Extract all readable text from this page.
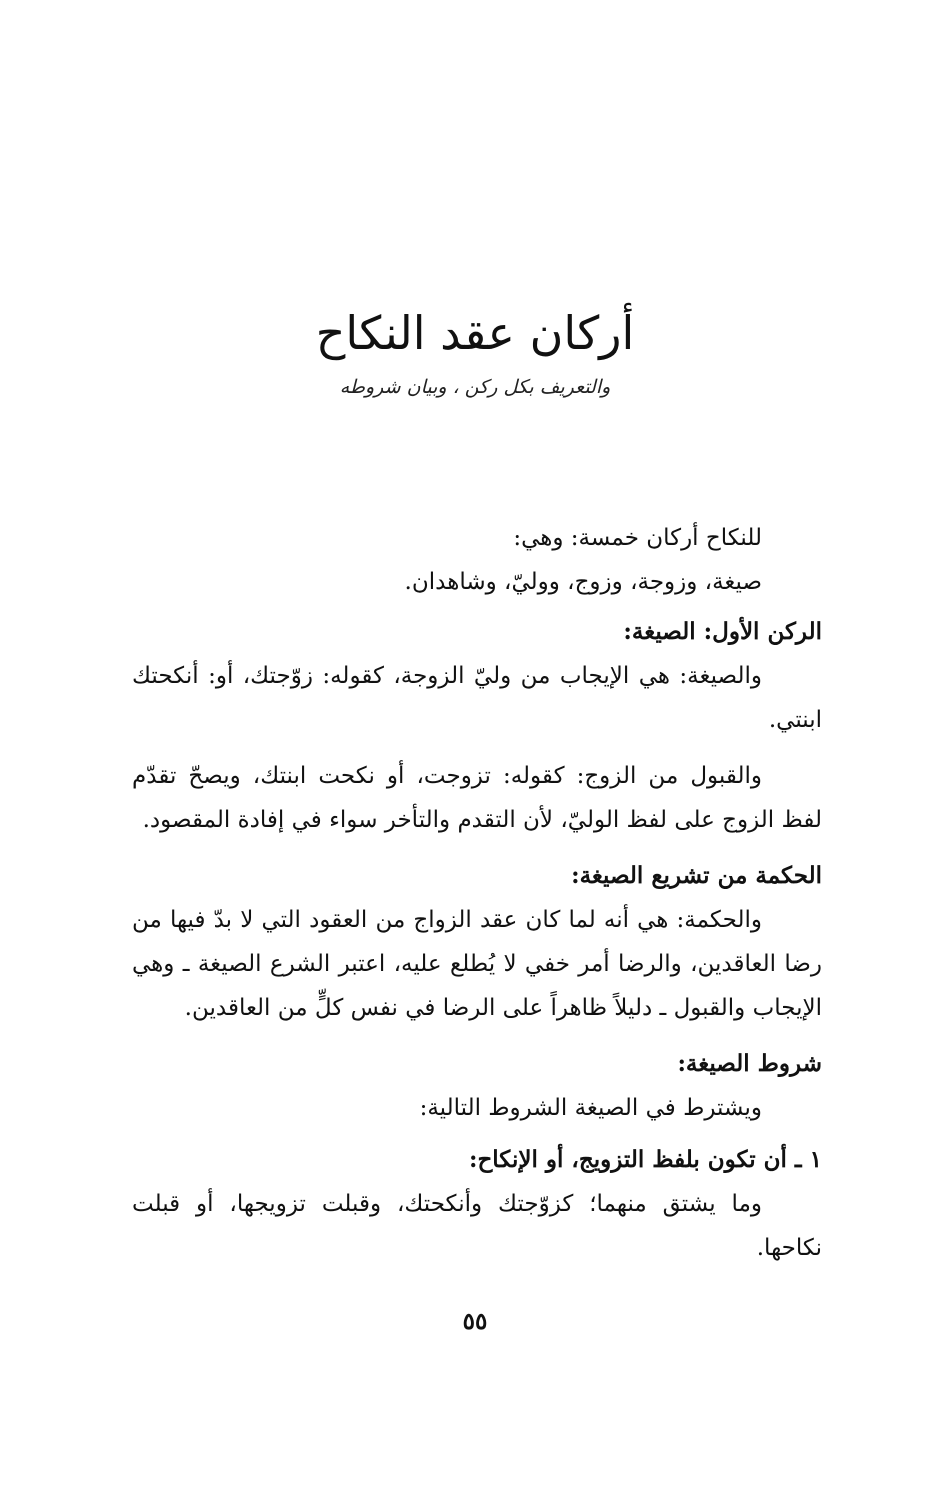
أركان عقد النكاح
والتعريف بكل ركن ، وبيان شروطه

للنكاح أركان خمسة: وهي:

صيغة، وزوجة، وزوج، ووليّ، وشاهدان.

الركن الأول: الصيغة:

والصيغة: هي الإيجاب من وليّ الزوجة، كقوله: زوّجتك، أو: أنكحتك ابنتي.

والقبول من الزوج: كقوله: تزوجت، أو نكحت ابنتك، ويصحّ تقدّم لفظ الزوج على لفظ الوليّ، لأن التقدم والتأخر سواء في إفادة المقصود.

الحكمة من تشريع الصيغة:

والحكمة: هي أنه لما كان عقد الزواج من العقود التي لا بدّ فيها من رضا العاقدين، والرضا أمر خفي لا يُطلع عليه، اعتبر الشرع الصيغة ـ وهي الإيجاب والقبول ـ دليلاً ظاهراً على الرضا في نفس كلٍّ من العاقدين.

شروط الصيغة:

ويشترط في الصيغة الشروط التالية:

١ ـ أن تكون بلفظ التزويج، أو الإنكاح:

وما يشتق منهما؛ كزوّجتك وأنكحتك، وقبلت تزويجها، أو قبلت نكاحها.

٥٥
